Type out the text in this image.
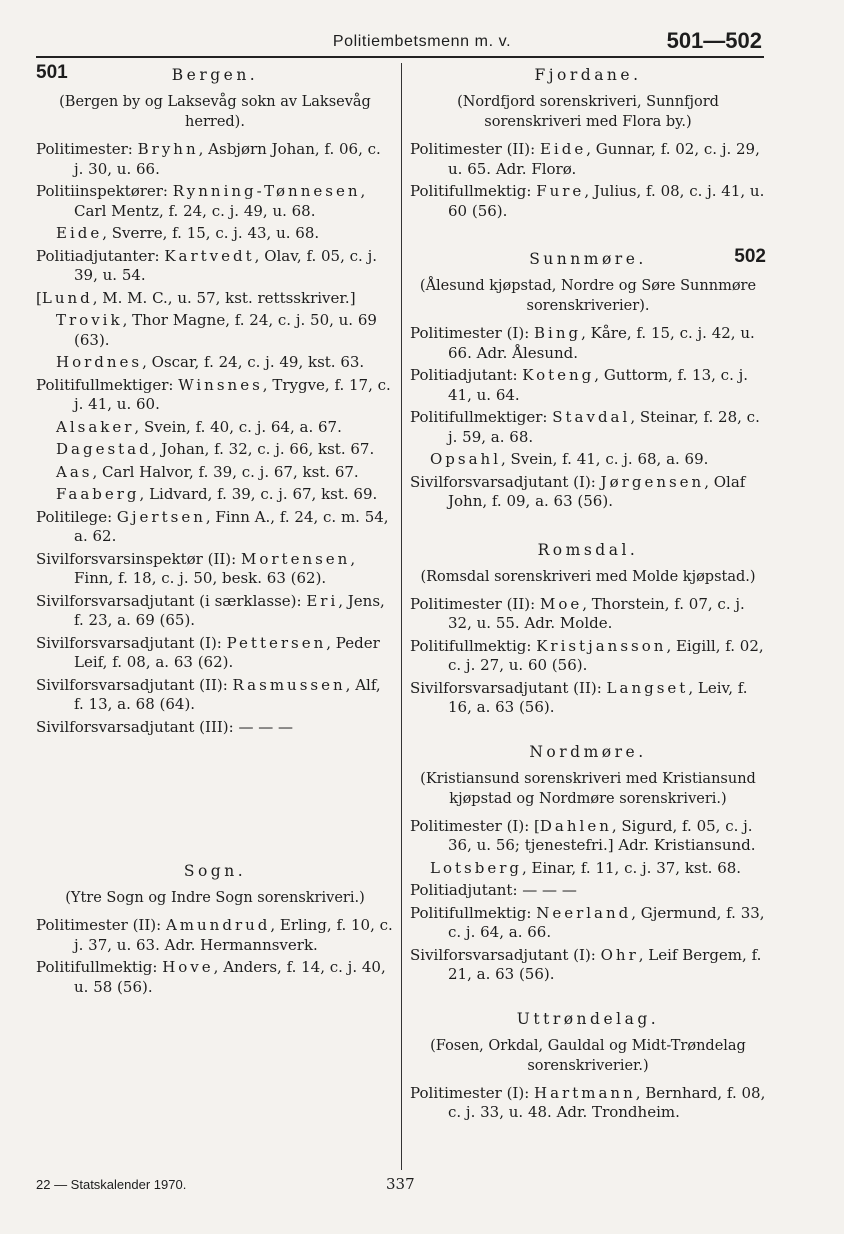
Politiembetsmenn m. v.	501—502
501	Bergen.
(Bergen by og Laksevåg sokn av Laksevåg herred).
Politimester: Bryhn, Asbjørn Johan, f. 06, c. j. 30, u. 66.
Politiinspektører: Rynning-Tønnesen, Carl Mentz, f. 24, c. j. 49, u. 68.
Eide, Sverre, f. 15, c. j. 43, u. 68.
Politiadjutanter: Kartvedt, Olav, f. 05, c. j. 39, u. 54.
[Lund, M. M. C., u. 57, kst. rettsskriver.]
Trovik, Thor Magne, f. 24, c. j. 50, u. 69 (63).
Hordnes, Oscar, f. 24, c. j. 49, kst. 63.
Politifullmektiger: Winsnes, Trygve, f. 17, c. j. 41, u. 60.
Alsaker, Svein, f. 40, c. j. 64, a. 67.
Dagestad, Johan, f. 32, c. j. 66, kst. 67.
Aas, Carl Halvor, f. 39, c. j. 67, kst. 67.
Faaberg, Lidvard, f. 39, c. j. 67, kst. 69.
Politilege: Gjertsen, Finn A., f. 24, c. m. 54, a. 62.
Sivilforsvarsinspektør (II): Mortensen, Finn, f. 18, c. j. 50, besk. 63 (62).
Sivilforsvarsadjutant (i særklasse): Eri, Jens, f. 23, a. 69 (65).
Sivilforsvarsadjutant (I): Pettersen, Peder Leif, f. 08, a. 63 (62).
Sivilforsvarsadjutant (II): Rasmussen, Alf, f. 13, a. 68 (64).
Sivilforsvarsadjutant (III): — — —
Sogn.
(Ytre Sogn og Indre Sogn sorenskriveri.)
Politimester (II): Amundrud, Erling, f. 10, c. j. 37, u. 63. Adr. Hermannsverk.
Politifullmektig: Hove, Anders, f. 14, c. j. 40, u. 58 (56).
Fjordane.
(Nordfjord sorenskriveri, Sunnfjord sorenskriveri med Flora by.)
Politimester (II): Eide, Gunnar, f. 02, c. j. 29, u. 65. Adr. Florø.
Politifullmektig: Fure, Julius, f. 08, c. j. 41, u. 60 (56).
Sunnmøre.	502
(Ålesund kjøpstad, Nordre og Søre Sunnmøre sorenskriverier).
Politimester (I): Bing, Kåre, f. 15, c. j. 42, u. 66. Adr. Ålesund.
Politiadjutant: Koteng, Guttorm, f. 13, c. j. 41, u. 64.
Politifullmektiger: Stavdal, Steinar, f. 28, c. j. 59, a. 68.
Opsahl, Svein, f. 41, c. j. 68, a. 69.
Sivilforsvarsadjutant (I): Jørgensen, Olaf John, f. 09, a. 63 (56).
Romsdal.
(Romsdal sorenskriveri med Molde kjøpstad.)
Politimester (II): Moe, Thorstein, f. 07, c. j. 32, u. 55. Adr. Molde.
Politifullmektig: Kristjansson, Eigill, f. 02, c. j. 27, u. 60 (56).
Sivilforsvarsadjutant (II): Langset, Leiv, f. 16, a. 63 (56).
Nordmøre.
(Kristiansund sorenskriveri med Kristiansund kjøpstad og Nordmøre sorenskriveri.)
Politimester (I): [Dahlen, Sigurd, f. 05, c. j. 36, u. 56; tjenestefri.] Adr. Kristiansund.
Lotsberg, Einar, f. 11, c. j. 37, kst. 68.
Politiadjutant: — — —
Politifullmektig: Neerland, Gjermund, f. 33, c. j. 64, a. 66.
Sivilforsvarsadjutant (I): Ohr, Leif Bergem, f. 21, a. 63 (56).
Uttrøndelag.
(Fosen, Orkdal, Gauldal og Midt-Trøndelag sorenskriverier.)
Politimester (I): Hartmann, Bernhard, f. 08, c. j. 33, u. 48. Adr. Trondheim.
22 — Statskalender 1970.	337
